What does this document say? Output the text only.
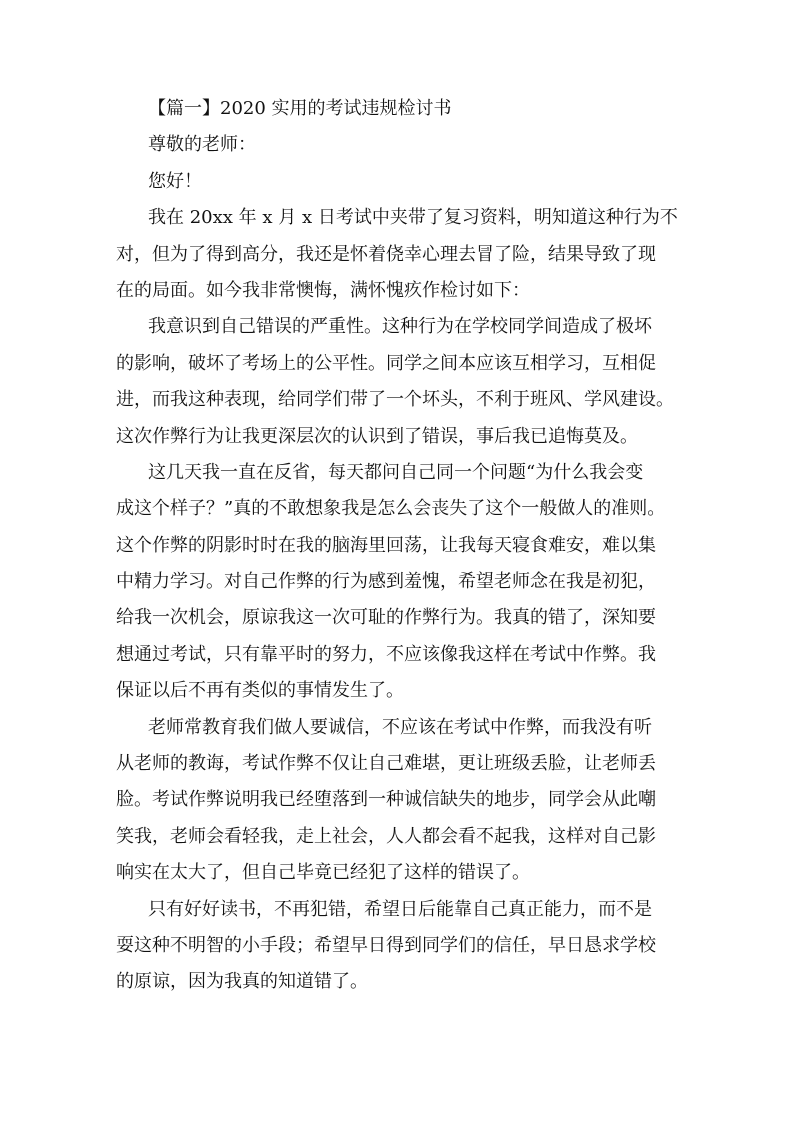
【篇一】2020 实用的考试违规检讨书

尊敬的老师：

您好！

我在 20xx 年 x 月 x 日考试中夹带了复习资料，明知道这种行为不

对，但为了得到高分，我还是怀着侥幸心理去冒了险，结果导致了现

在的局面。如今我非常懊悔，满怀愧疚作检讨如下：

我意识到自己错误的严重性。这种行为在学校同学间造成了极坏

的影响，破坏了考场上的公平性。同学之间本应该互相学习，互相促

进，而我这种表现，给同学们带了一个坏头，不利于班风、学风建设。

这次作弊行为让我更深层次的认识到了错误，事后我已追悔莫及。

这几天我一直在反省，每天都问自己同一个问题“为什么我会变

成这个样子？”真的不敢想象我是怎么会丧失了这个一般做人的准则。

这个作弊的阴影时时在我的脑海里回荡，让我每天寝食难安，难以集

中精力学习。对自己作弊的行为感到羞愧，希望老师念在我是初犯，

给我一次机会，原谅我这一次可耻的作弊行为。我真的错了，深知要

想通过考试，只有靠平时的努力，不应该像我这样在考试中作弊。我

保证以后不再有类似的事情发生了。

老师常教育我们做人要诚信，不应该在考试中作弊，而我没有听

从老师的教诲，考试作弊不仅让自己难堪，更让班级丢脸，让老师丢

脸。考试作弊说明我已经堕落到一种诚信缺失的地步，同学会从此嘲

笑我，老师会看轻我，走上社会，人人都会看不起我，这样对自己影

响实在太大了，但自己毕竟已经犯了这样的错误了。

只有好好读书，不再犯错，希望日后能靠自己真正能力，而不是

耍这种不明智的小手段；希望早日得到同学们的信任，早日恳求学校

的原谅，因为我真的知道错了。
